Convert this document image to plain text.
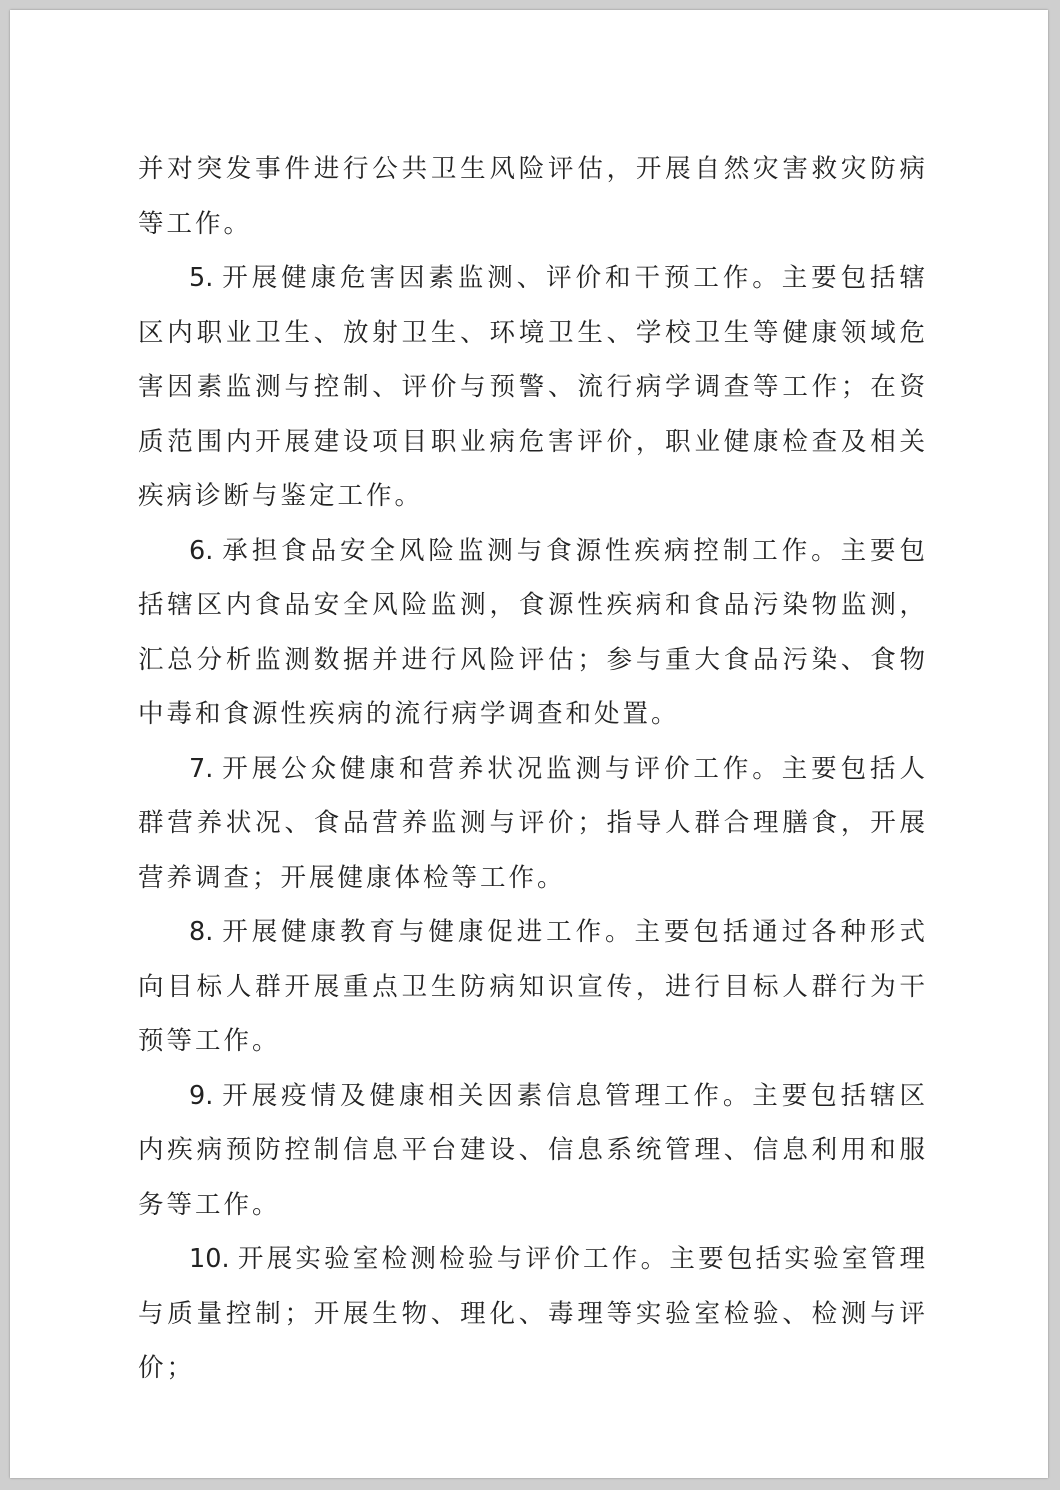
并对突发事件进行公共卫生风险评估，开展自然灾害救灾防病等工作。

5. 开展健康危害因素监测、评价和干预工作。主要包括辖区内职业卫生、放射卫生、环境卫生、学校卫生等健康领域危害因素监测与控制、评价与预警、流行病学调查等工作；在资质范围内开展建设项目职业病危害评价，职业健康检查及相关疾病诊断与鉴定工作。

6. 承担食品安全风险监测与食源性疾病控制工作。主要包括辖区内食品安全风险监测，食源性疾病和食品污染物监测，汇总分析监测数据并进行风险评估；参与重大食品污染、食物中毒和食源性疾病的流行病学调查和处置。

7. 开展公众健康和营养状况监测与评价工作。主要包括人群营养状况、食品营养监测与评价；指导人群合理膳食，开展营养调查；开展健康体检等工作。

8. 开展健康教育与健康促进工作。主要包括通过各种形式向目标人群开展重点卫生防病知识宣传，进行目标人群行为干预等工作。

9. 开展疫情及健康相关因素信息管理工作。主要包括辖区内疾病预防控制信息平台建设、信息系统管理、信息利用和服务等工作。

10. 开展实验室检测检验与评价工作。主要包括实验室管理与质量控制；开展生物、理化、毒理等实验室检验、检测与评价；
